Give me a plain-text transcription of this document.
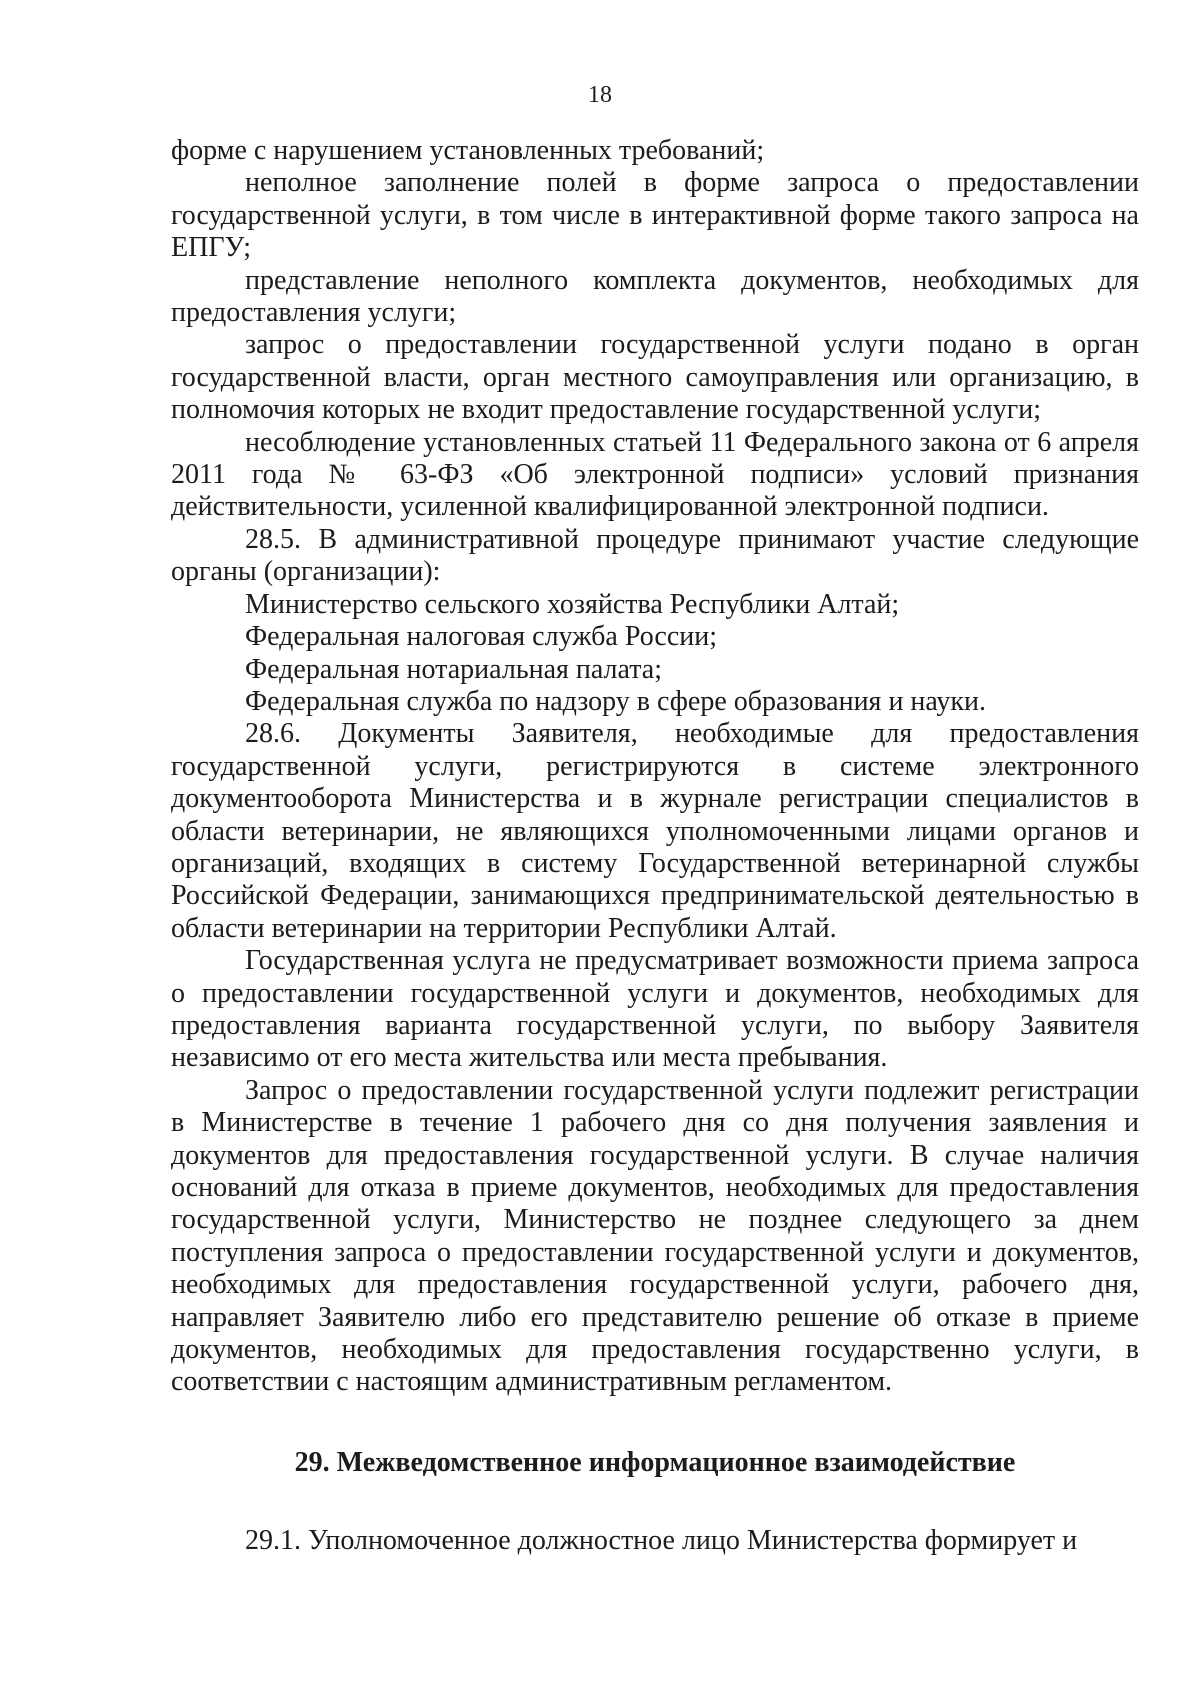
18

форме с нарушением установленных требований;

неполное заполнение полей в форме запроса о предоставлении государственной услуги, в том числе в интерактивной форме такого запроса на ЕПГУ;

представление неполного комплекта документов, необходимых для предоставления услуги;

запрос о предоставлении государственной услуги подано в орган государственной власти, орган местного самоуправления или организацию, в полномочия которых не входит предоставление государственной услуги;

несоблюдение установленных статьей 11 Федерального закона от 6 апреля 2011 года № 63-ФЗ «Об электронной подписи» условий признания действительности, усиленной квалифицированной электронной подписи.

28.5. В административной процедуре принимают участие следующие органы (организации):

Министерство сельского хозяйства Республики Алтай;

Федеральная налоговая служба России;

Федеральная нотариальная палата;

Федеральная служба по надзору в сфере образования и науки.

28.6. Документы Заявителя, необходимые для предоставления государственной услуги, регистрируются в системе электронного документооборота Министерства и в журнале регистрации специалистов в области ветеринарии, не являющихся уполномоченными лицами органов и организаций, входящих в систему Государственной ветеринарной службы Российской Федерации, занимающихся предпринимательской деятельностью в области ветеринарии на территории Республики Алтай.

Государственная услуга не предусматривает возможности приема запроса о предоставлении государственной услуги и документов, необходимых для предоставления варианта государственной услуги, по выбору Заявителя независимо от его места жительства или места пребывания.

Запрос о предоставлении государственной услуги подлежит регистрации в Министерстве в течение 1 рабочего дня со дня получения заявления и документов для предоставления государственной услуги. В случае наличия оснований для отказа в приеме документов, необходимых для предоставления государственной услуги, Министерство не позднее следующего за днем поступления запроса о предоставлении государственной услуги и документов, необходимых для предоставления государственной услуги, рабочего дня, направляет Заявителю либо его представителю решение об отказе в приеме документов, необходимых для предоставления государственно услуги, в соответствии с настоящим административным регламентом.

29. Межведомственное информационное взаимодействие

29.1. Уполномоченное должностное лицо Министерства формирует и
